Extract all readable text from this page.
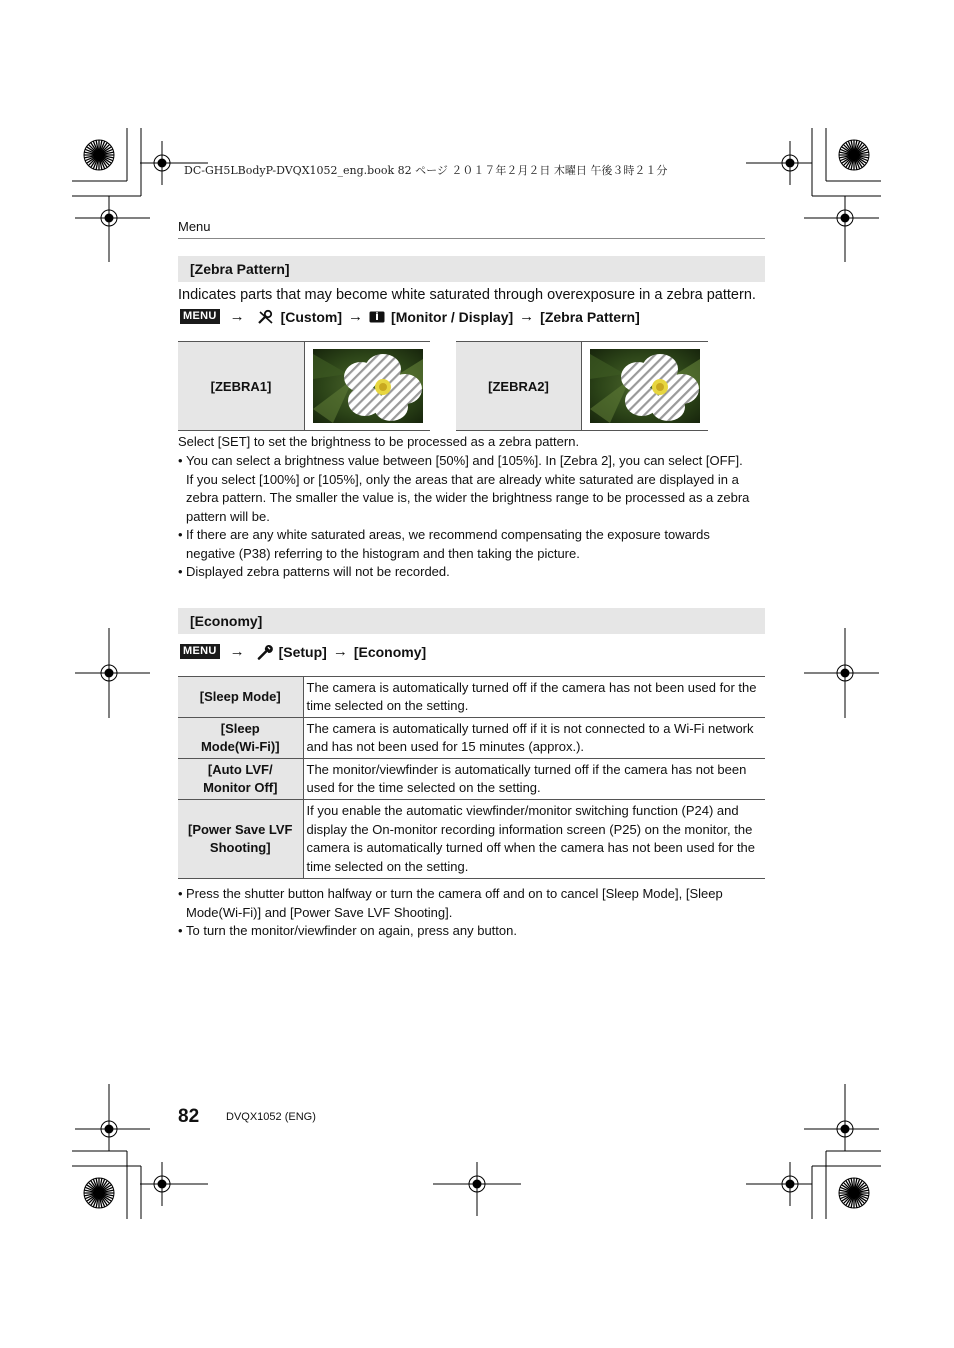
DC-GH5LBodyP-DVQX1052_eng.book 82 ページ ２０１７年２月２日 木曜日 午後３時２１分
Menu
[Zebra Pattern]
Indicates parts that may become white saturated through overexposure in a zebra pattern.
MENU →	[Custom] → [Monitor / Display] → [Zebra Pattern]
[ZEBRA1]	[ZEBRA2]
Select [SET] to set the brightness to be processed as a zebra pattern.
• You can select a brightness value between [50%] and [105%]. In [Zebra 2], you can select [OFF]. If you select [100%] or [105%], only the areas that are already white saturated are displayed in a zebra pattern. The smaller the value is, the wider the brightness range to be processed as a zebra pattern will be.
• If there are any white saturated areas, we recommend compensating the exposure towards negative (P38) referring to the histogram and then taking the picture.
• Displayed zebra patterns will not be recorded.
[Economy]
MENU → [Setup] → [Economy]
[Sleep Mode]	The camera is automatically turned off if the camera has not been used for the time selected on the setting.
[Sleep Mode(Wi-Fi)]	The camera is automatically turned off if it is not connected to a Wi-Fi network and has not been used for 15 minutes (approx.).
[Auto LVF/ Monitor Off]	The monitor/viewfinder is automatically turned off if the camera has not been used for the time selected on the setting.
[Power Save LVF Shooting]	If you enable the automatic viewfinder/monitor switching function (P24) and display the On-monitor recording information screen (P25) on the monitor, the camera is automatically turned off when the camera has not been used for the time selected on the setting.
• Press the shutter button halfway or turn the camera off and on to cancel [Sleep Mode], [Sleep Mode(Wi-Fi)] and [Power Save LVF Shooting].
• To turn the monitor/viewfinder on again, press any button.
82 DVQX1052 (ENG)
